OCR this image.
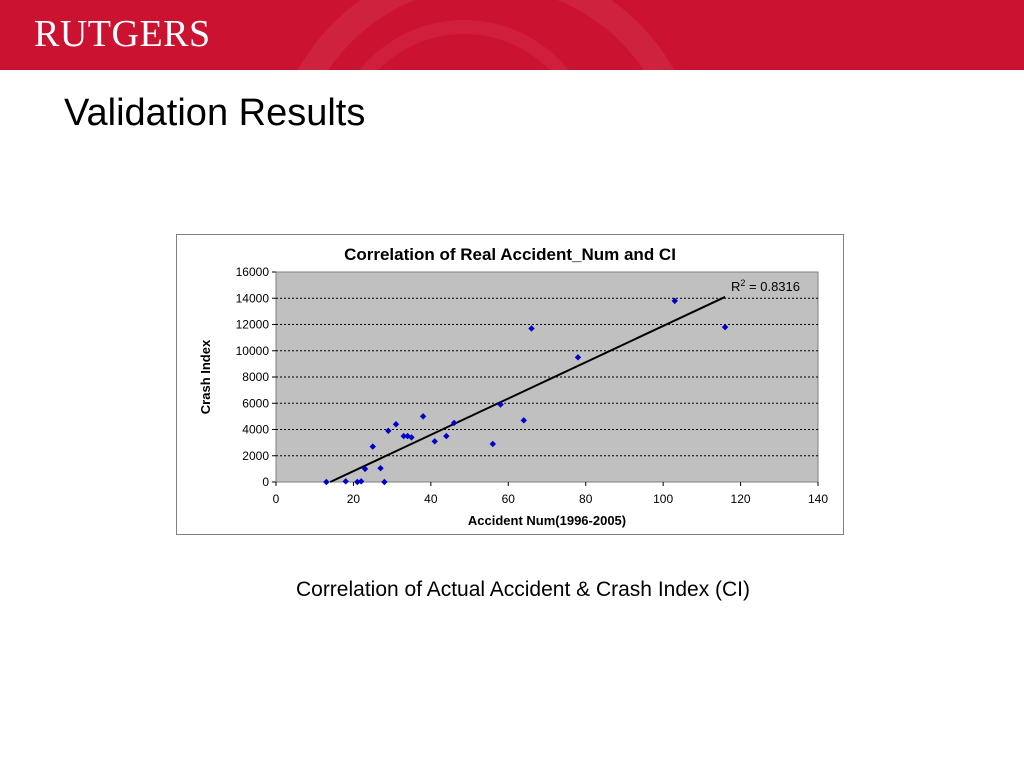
RUTGERS
Validation Results
Correlation of Real Accident_Num and CI
0
2000
4000
6000
8000
10000
12000
14000
16000
0	20	40	60	80	100	120	140
$R^2 = 0.8316$
Accident Num(1996-2005)
Crash Index
Correlation of Actual Accident & Crash Index (CI)
